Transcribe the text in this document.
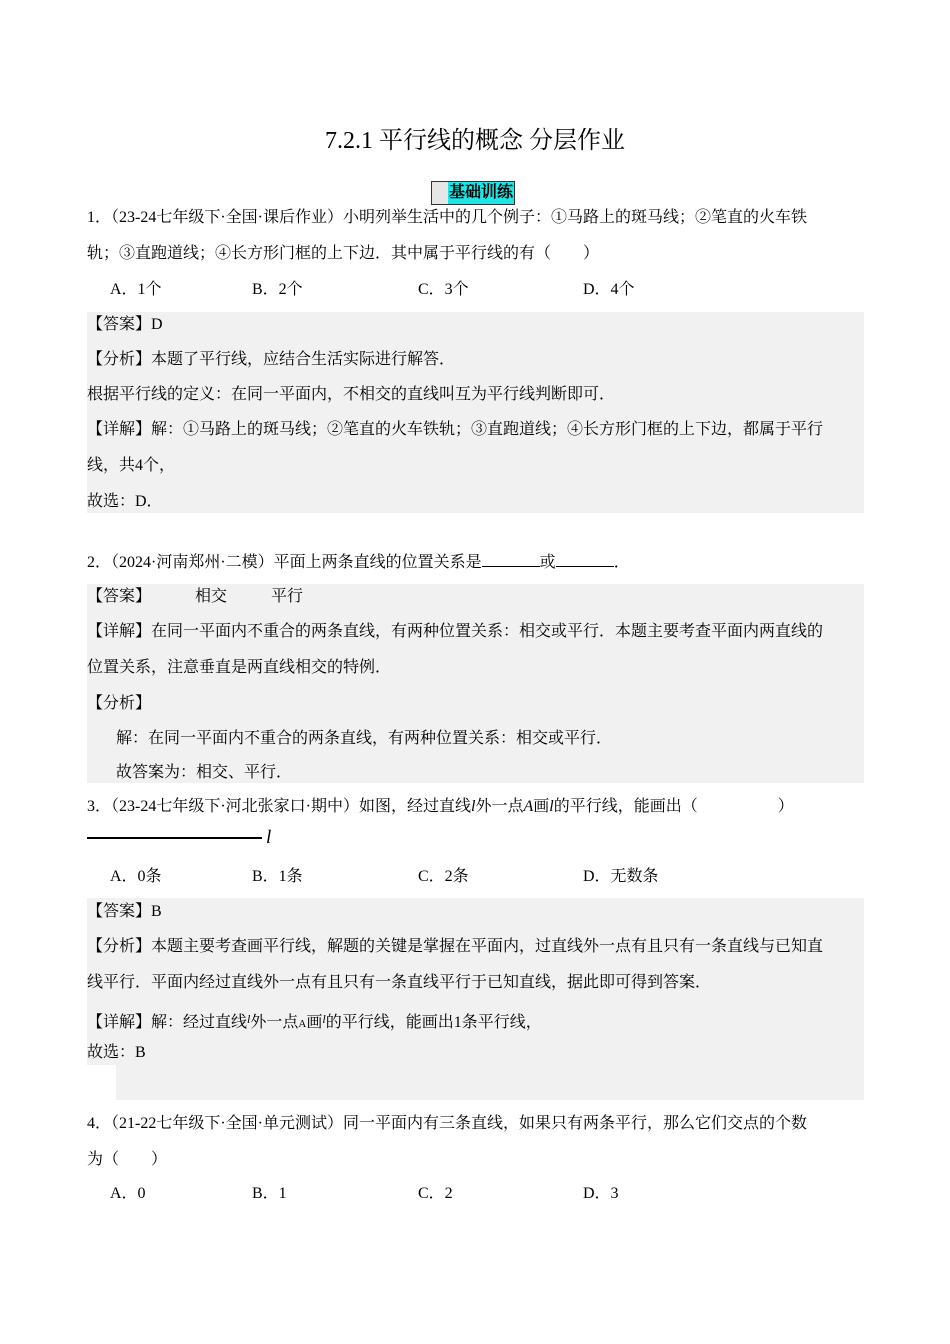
7.2.1 平行线的概念 分层作业
基础训练
1．（23-24七年级下·全国·课后作业）小明列举生活中的几个例子：①马路上的斑马线；②笔直的火车铁
轨；③直跑道线；④长方形门框的上下边．其中属于平行线的有（　　）
A．1个	B．2个	C．3个	D．4个
【答案】D
【分析】本题了平行线，应结合生活实际进行解答．
根据平行线的定义：在同一平面内，不相交的直线叫互为平行线判断即可．
【详解】解：①马路上的斑马线；②笔直的火车铁轨；③直跑道线；④长方形门框的上下边，都属于平行
线，共4个，
故选：D．
2．（2024·河南郑州·二模）平面上两条直线的位置关系是	或	．
【答案】	相交	平行
【详解】在同一平面内不重合的两条直线，有两种位置关系：相交或平行．本题主要考查平面内两直线的
位置关系，注意垂直是两直线相交的特例．
【分析】
解：在同一平面内不重合的两条直线，有两种位置关系：相交或平行．
故答案为：相交、平行．
3．（23-24七年级下·河北张家口·期中）如图，经过直线l外一点A画l的平行线，能画出（　　　　　）
l
A．0条	B．1条	C．2条	D．无数条
【答案】B
【分析】本题主要考查画平行线，解题的关键是掌握在平面内，过直线外一点有且只有一条直线与已知直
线平行．平面内经过直线外一点有且只有一条直线平行于已知直线，据此即可得到答案．
【详解】解：经过直线$^l$外一点A画$^l$的平行线，能画出1条平行线，
故选：B
4．（21-22七年级下·全国·单元测试）同一平面内有三条直线，如果只有两条平行，那么它们交点的个数
为（　　）
A．0	B．1	C．2	D．3
